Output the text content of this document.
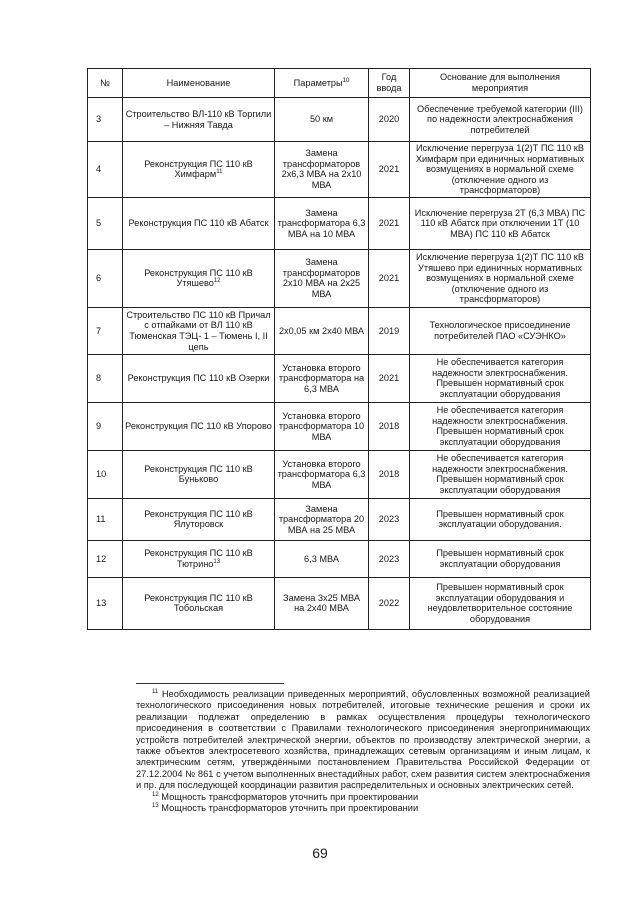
№	Наименование	Параметры$^{10}$	Год ввода	Основание для выполнения мероприятия
3	Строительство ВЛ-110 кВ Торгили – Нижняя Тавда	50 км	2020	Обеспечение требуемой категории (III) по надежности электроснабжения потребителей
4	Реконструкция ПС 110 кВ Химфарм$^{11}$	Замена трансформаторов 2х6,3 МВА на 2х10 МВА	2021	Исключение перегруза 1(2)Т ПС 110 кВ Химфарм при единичных нормативных возмущениях в нормальной схеме (отключение одного из трансформаторов)
5	Реконструкция ПС 110 кВ Абатск	Замена трансформатора 6,3 МВА на 10 МВА	2021	Исключение перегруза 2Т (6,3 МВА) ПС 110 кВ Абатск при отключении 1Т (10 МВА) ПС 110 кВ Абатск
6	Реконструкция ПС 110 кВ Утяшево$^{12}$	Замена трансформаторов 2х10 МВА на 2х25 МВА	2021	Исключение перегруза 1(2)Т ПС 110 кВ Утяшево при единичных нормативных возмущениях в нормальной схеме (отключение одного из трансформаторов)
7	Строительство ПС 110 кВ Причал с отпайками от ВЛ 110 кВ Тюменская ТЭЦ- 1 – Тюмень I, II цепь	2х0,05 км 2х40 МВА	2019	Технологическое присоединение потребителей ПАО «СУЭНКО»
8	Реконструкция ПС 110 кВ Озерки	Установка второго трансформатора на 6,3 МВА	2021	Не обеспечивается категория надежности электроснабжения. Превышен нормативный срок эксплуатации оборудования
9	Реконструкция ПС 110 кВ Упорово	Установка второго трансформатора 10 МВА	2018	Не обеспечивается категория надежности электроснабжения. Превышен нормативный срок эксплуатации оборудования
10	Реконструкция ПС 110 кВ Буньково	Установка второго трансформатора 6,3 МВА	2018	Не обеспечивается категория надежности электроснабжения. Превышен нормативный срок эксплуатации оборудования
11	Реконструкция ПС 110 кВ Ялуторовск	Замена трансформатора 20 МВА на 25 МВА	2023	Превышен нормативный срок эксплуатации оборудования.
12	Реконструкция ПС 110 кВ Тютрино$^{13}$	6,3 МВА	2023	Превышен нормативный срок эксплуатации оборудования
13	Реконструкция ПС 110 кВ Тобольская	Замена 3х25 МВА на 2х40 МВА	2022	Превышен нормативный срок эксплуатации оборудования и неудовлетворительное состояние оборудования

$^{11}$ Необходимость реализации приведенных мероприятий, обусловленных возможной реализацией технологического присоединения новых потребителей, итоговые технические решения и сроки их реализации подлежат определению в рамках осуществления процедуры технологического присоединения в соответствии с Правилами технологического присоединения энергопринимающих устройств потребителей электрической энергии, объектов по производству электрической энергии, а также объектов электросетевого хозяйства, принадлежащих сетевым организациям и иным лицам, к электрическим сетям, утверждёнными постановлением Правительства Российской Федерации от 27.12.2004 № 861 с учетом выполненных внестадийных работ, схем развития систем электроснабжения и пр. для последующей координации развития распределительных и основных электрических сетей.

$^{12}$ Мощность трансформаторов уточнить при проектировании

$^{13}$ Мощность трансформаторов уточнить при проектировании

69
